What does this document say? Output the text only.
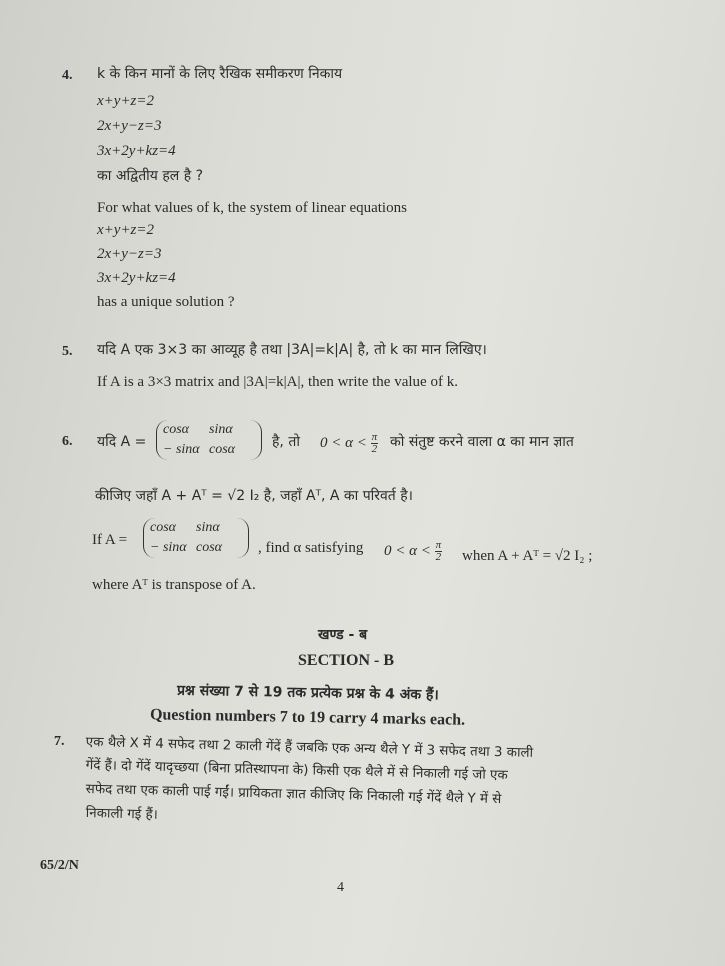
4. k के किन मानों के लिए रैखिक समीकरण निकाय
x+y+z=2
2x+y−z=3
3x+2y+kz=4
का अद्वितीय हल है ?
For what values of k, the system of linear equations
x+y+z=2
2x+y−z=3
3x+2y+kz=4
has a unique solution ?
5. यदि A एक 3×3 का आव्यूह है तथा |3A|=k|A| है, तो k का मान लिखिए।
If A is a 3×3 matrix and |3A|=k|A|, then write the value of k.
6. यदि A =
cosα sinα
− sinα cosα	है, तो $0 < \alpha < \frac{\pi}{2}$ को संतुष्ट करने वाला α का मान ज्ञात
कीजिए जहाँ A + Aᵀ = √2 I₂ है, जहाँ Aᵀ, A का परिवर्त है।
If A =
cosα sinα
− sinα cosα	, find α satisfying $0 < \alpha < \frac{\pi}{2}$ when A + Aᵀ = √2 I₂ ;
where Aᵀ is transpose of A.
खण्ड - ब
SECTION - B
प्रश्न संख्या 7 से 19 तक प्रत्येक प्रश्न के 4 अंक हैं।
Question numbers 7 to 19 carry 4 marks each.
7. एक थैले X में 4 सफेद तथा 2 काली गेंदें हैं जबकि एक अन्य थैले Y में 3 सफेद तथा 3 काली
गेंदें हैं। दो गेंदें यादृच्छया (बिना प्रतिस्थापना के) किसी एक थैले में से निकाली गई जो एक
सफेद तथा एक काली पाई गईं। प्रायिकता ज्ञात कीजिए कि निकाली गई गेंदें थैले Y में से
निकाली गई हैं।
65/2/N
4
